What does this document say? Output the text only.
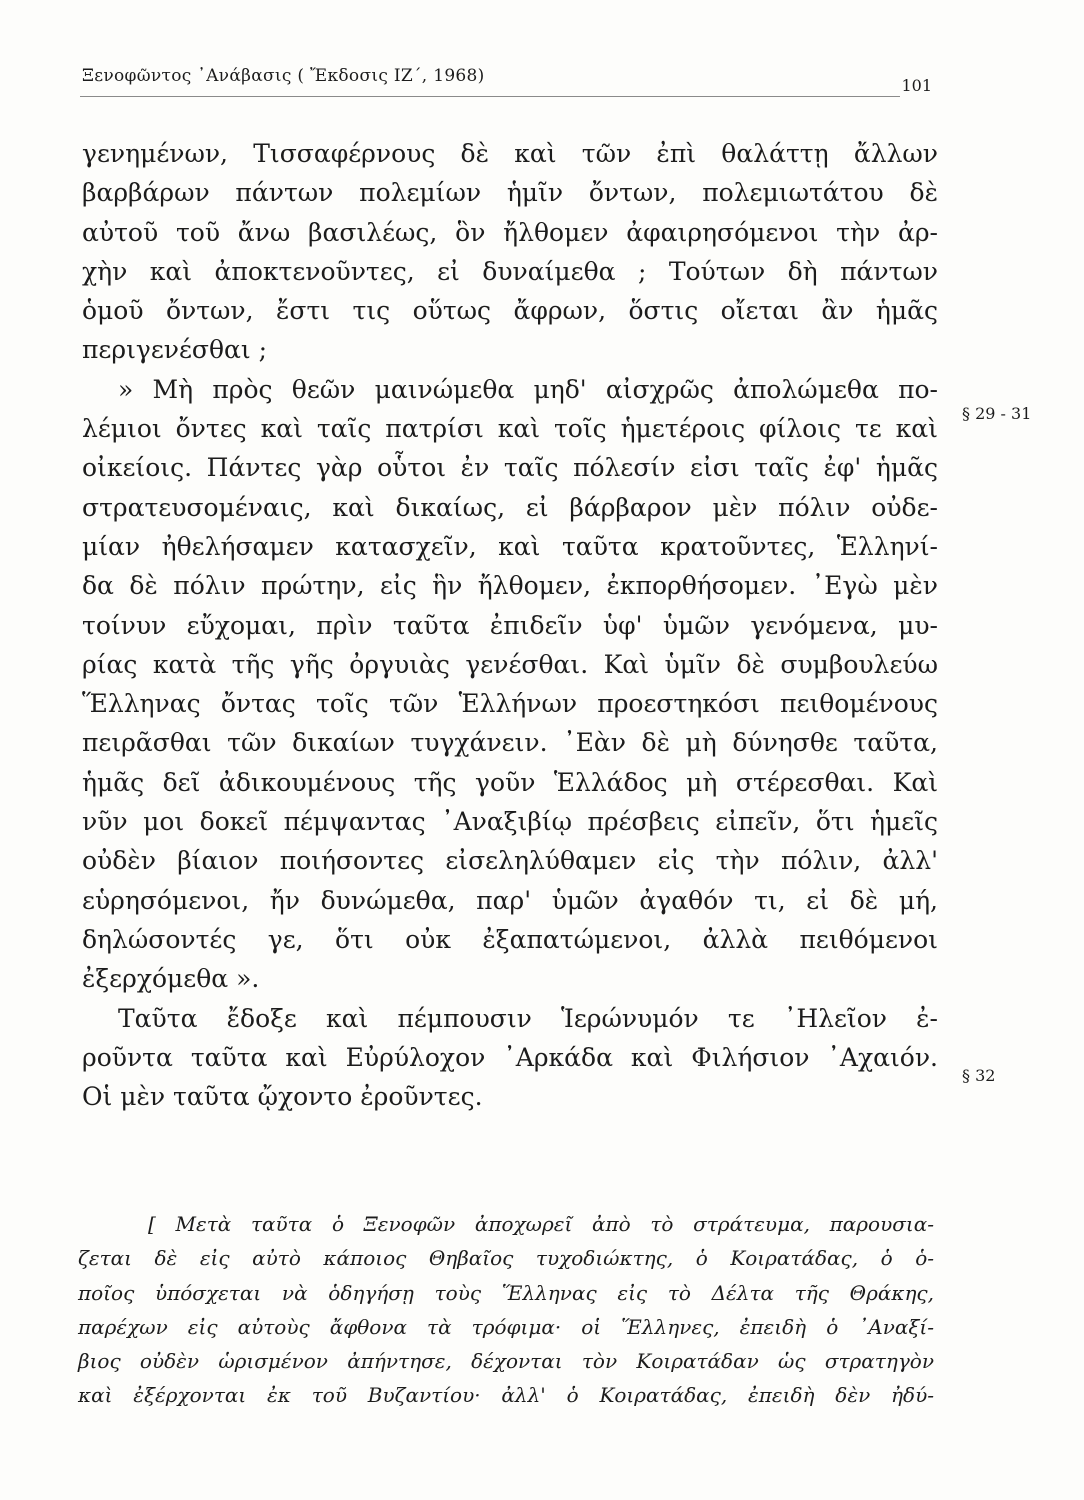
Ξενοφῶντος ᾿Ανάβασις ( Ἔκδοσις ΙΖ΄, 1968)	101
γενημένων, Τισσαφέρνους δὲ καὶ τῶν ἐπὶ θαλάττῃ ἄλλων
βαρβάρων πάντων πολεμίων ἡμῖν ὄντων, πολεμιωτάτου δὲ
αὐτοῦ τοῦ ἄνω βασιλέως, ὃν ἤλθομεν ἀφαιρησόμενοι τὴν ἀρ-
χὴν καὶ ἀποκτενοῦντες, εἰ δυναίμεθα ; Τούτων δὴ πάντων
ὁμοῦ ὄντων, ἔστι τις οὕτως ἄφρων, ὅστις οἴεται ἂν ἡμᾶς
περιγενέσθαι ;
» Μὴ πρὸς θεῶν μαινώμεθα μηδ' αἰσχρῶς ἀπολώμεθα πο-
λέμιοι ὄντες καὶ ταῖς πατρίσι καὶ τοῖς ἡμετέροις φίλοις τε καὶ
οἰκείοις. Πάντες γὰρ οὗτοι ἐν ταῖς πόλεσίν εἰσι ταῖς ἐφ' ἡμᾶς
στρατευσομέναις, καὶ δικαίως, εἰ βάρβαρον μὲν πόλιν οὐδε-
μίαν ἠθελήσαμεν κατασχεῖν, καὶ ταῦτα κρατοῦντες, Ἑλληνί-
δα δὲ πόλιν πρώτην, εἰς ἣν ἤλθομεν, ἐκπορθήσομεν. ᾿Εγὼ μὲν
τοίνυν εὔχομαι, πρὶν ταῦτα ἐπιδεῖν ὑφ' ὑμῶν γενόμενα, μυ-
ρίας κατὰ τῆς γῆς ὀργυιὰς γενέσθαι. Καὶ ὑμῖν δὲ συμβουλεύω
Ἕλληνας ὄντας τοῖς τῶν Ἑλλήνων προεστηκόσι πειθομένους
πειρᾶσθαι τῶν δικαίων τυγχάνειν. ᾿Εὰν δὲ μὴ δύνησθε ταῦτα,
ἡμᾶς δεῖ ἀδικουμένους τῆς γοῦν Ἑλλάδος μὴ στέρεσθαι. Καὶ
νῦν μοι δοκεῖ πέμψαντας ᾿Αναξιβίῳ πρέσβεις εἰπεῖν, ὅτι ἡμεῖς
οὐδὲν βίαιον ποιήσοντες εἰσεληλύθαμεν εἰς τὴν πόλιν, ἀλλ'
εὑρησόμενοι, ἤν δυνώμεθα, παρ' ὑμῶν ἀγαθόν τι, εἰ δὲ μή,
δηλώσοντές γε, ὅτι οὐκ ἐξαπατώμενοι, ἀλλὰ πειθόμενοι
ἐξερχόμεθα ».
Ταῦτα ἔδοξε καὶ πέμπουσιν Ἱερώνυμόν τε ᾿Ηλεῖον ἐ-
ροῦντα ταῦτα καὶ Εὐρύλοχον ᾿Αρκάδα καὶ Φιλήσιον ᾿Αχαιόν.
Οἱ μὲν ταῦτα ᾤχοντο ἐροῦντες.
§ 29 - 31
§ 32
[ Μετὰ ταῦτα ὁ Ξενοφῶν ἀποχωρεῖ ἀπὸ τὸ στράτευμα, παρουσια-
ζεται δὲ εἰς αὐτὸ κάποιος Θηβαῖος τυχοδιώκτης, ὁ Κοιρατάδας, ὁ ὁ-
ποῖος ὑπόσχεται νὰ ὁδηγήσῃ τοὺς Ἕλληνας εἰς τὸ Δέλτα τῆς Θράκης,
παρέχων εἰς αὐτοὺς ἄφθονα τὰ τρόφιμα· οἱ Ἕλληνες, ἐπειδὴ ὁ ᾿Αναξί-
βιος οὐδὲν ὡρισμένον ἀπήντησε, δέχονται τὸν Κοιρατάδαν ὡς στρατηγὸν
καὶ ἐξέρχονται ἐκ τοῦ Βυζαντίου· ἀλλ' ὁ Κοιρατάδας, ἐπειδὴ δὲν ἠδύ-
